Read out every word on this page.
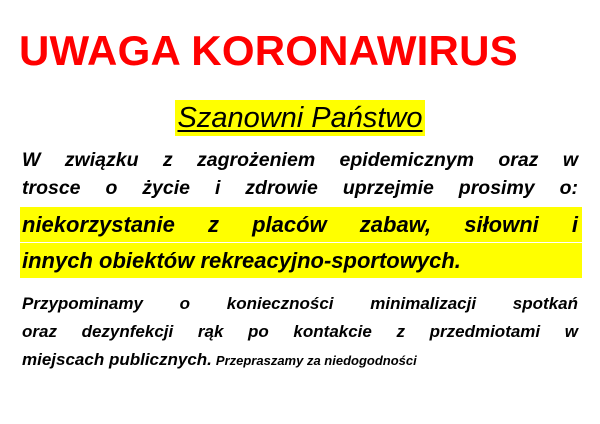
UWAGA KORONAWIRUS
Szanowni Państwo
W związku z zagrożeniem epidemicznym oraz w
trosce o życie i zdrowie uprzejmie prosimy o:
niekorzystanie z placów zabaw, siłowni i
innych obiektów rekreacyjno-sportowych.
Przypominamy o konieczności minimalizacji spotkań
oraz dezynfekcji rąk po kontakcie z przedmiotami w
miejscach publicznych. Przepraszamy za niedogodności
